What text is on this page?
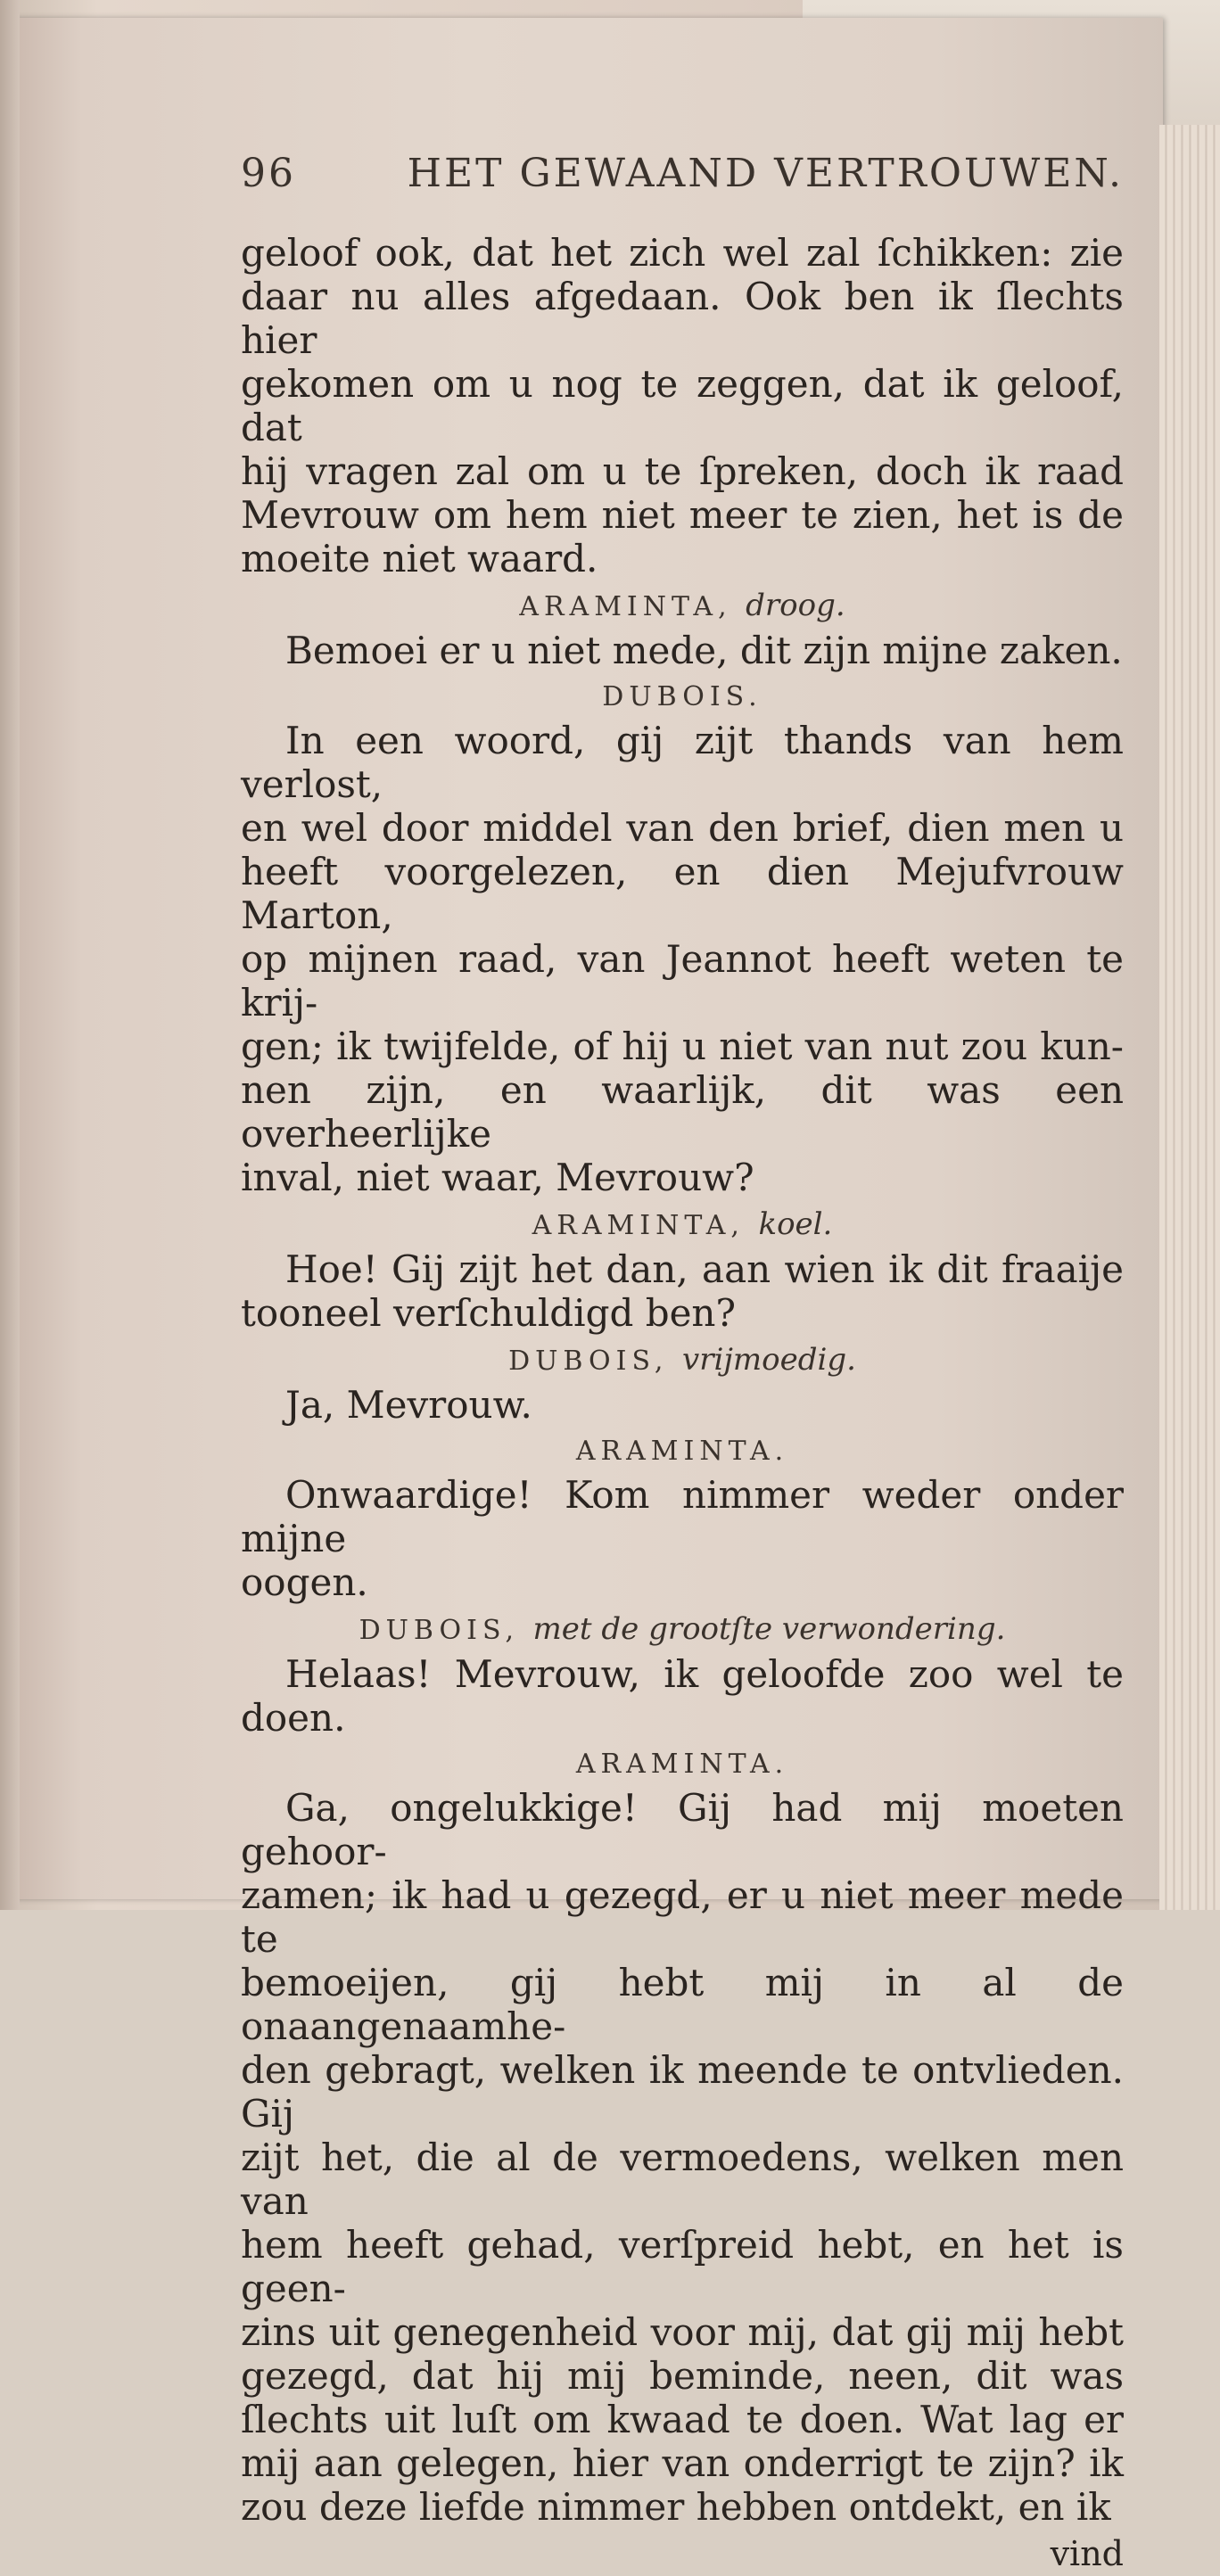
96	HET GEWAAND VERTROUWEN.
geloof ook, dat het zich wel zal ſchikken: zie
daar nu alles afgedaan. Ook ben ik ſlechts hier
gekomen om u nog te zeggen, dat ik geloof, dat
hij vragen zal om u te ſpreken, doch ik raad
Mevrouw om hem niet meer te zien, het is de
moeite niet waard.
ARAMINTA, droog.
Bemoei er u niet mede, dit zijn mijne zaken.
DUBOIS.
In een woord, gij zijt thands van hem verlost,
en wel door middel van den brief, dien men u
heeft voorgelezen, en dien Mejufvrouw Marton,
op mijnen raad, van Jeannot heeft weten te krij-
gen; ik twijfelde, of hij u niet van nut zou kun-
nen zijn, en waarlijk, dit was een overheerlijke
inval, niet waar, Mevrouw?
ARAMINTA, koel.
Hoe! Gij zijt het dan, aan wien ik dit fraaije
tooneel verſchuldigd ben?
DUBOIS, vrijmoedig.
Ja, Mevrouw.
ARAMINTA.
Onwaardige! Kom nimmer weder onder mijne
oogen.
DUBOIS, met de grootſte verwondering.
Helaas! Mevrouw, ik geloofde zoo wel te doen.
ARAMINTA.
Ga, ongelukkige! Gij had mij moeten gehoor-
zamen; ik had u gezegd, er u niet meer mede te
bemoeijen, gij hebt mij in al de onaangenaamhe-
den gebragt, welken ik meende te ontvlieden. Gij
zijt het, die al de vermoedens, welken men van
hem heeft gehad, verſpreid hebt, en het is geen-
zins uit genegenheid voor mij, dat gij mij hebt
gezegd, dat hij mij beminde, neen, dit was
ſlechts uit luſt om kwaad te doen. Wat lag er
mij aan gelegen, hier van onderrigt te zijn? ik
zou deze liefde nimmer hebben ontdekt, en ik
vind
